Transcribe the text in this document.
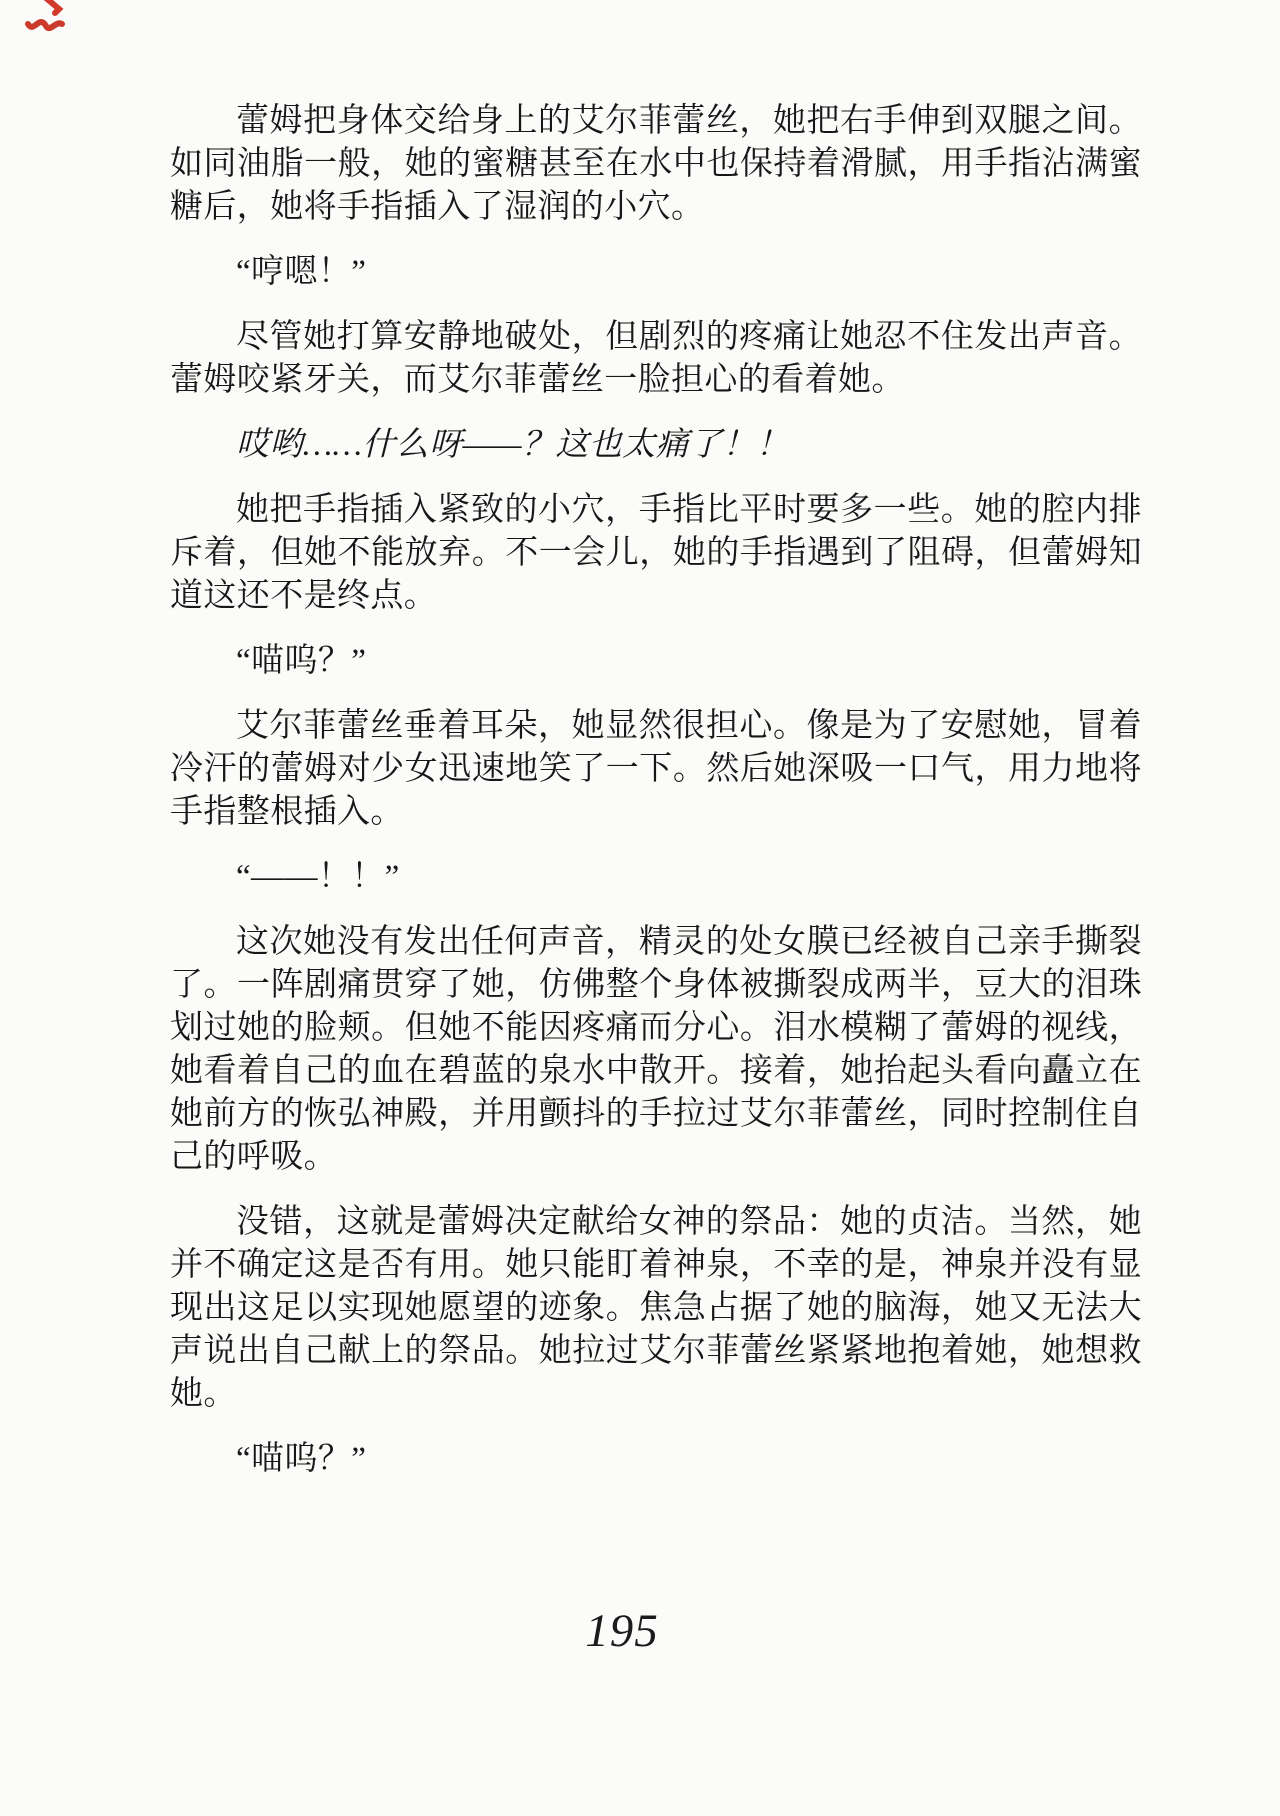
蕾姆把身体交给身上的艾尔菲蕾丝，她把右手伸到双腿之间。如同油脂一般，她的蜜糖甚至在水中也保持着滑腻，用手指沾满蜜糖后，她将手指插入了湿润的小穴。

“哼嗯！”

尽管她打算安静地破处，但剧烈的疼痛让她忍不住发出声音。蕾姆咬紧牙关，而艾尔菲蕾丝一脸担心的看着她。

哎哟……什么呀——？这也太痛了！！

她把手指插入紧致的小穴，手指比平时要多一些。她的腔内排斥着，但她不能放弃。不一会儿，她的手指遇到了阻碍，但蕾姆知道这还不是终点。

“喵呜？”

艾尔菲蕾丝垂着耳朵，她显然很担心。像是为了安慰她，冒着冷汗的蕾姆对少女迅速地笑了一下。然后她深吸一口气，用力地将手指整根插入。

“——！！”

这次她没有发出任何声音，精灵的处女膜已经被自己亲手撕裂了。一阵剧痛贯穿了她，仿佛整个身体被撕裂成两半，豆大的泪珠划过她的脸颊。但她不能因疼痛而分心。泪水模糊了蕾姆的视线，她看着自己的血在碧蓝的泉水中散开。接着，她抬起头看向矗立在她前方的恢弘神殿，并用颤抖的手拉过艾尔菲蕾丝，同时控制住自己的呼吸。

没错，这就是蕾姆决定献给女神的祭品：她的贞洁。当然，她并不确定这是否有用。她只能盯着神泉，不幸的是，神泉并没有显现出这足以实现她愿望的迹象。焦急占据了她的脑海，她又无法大声说出自己献上的祭品。她拉过艾尔菲蕾丝紧紧地抱着她，她想救她。

“喵呜？”

195
